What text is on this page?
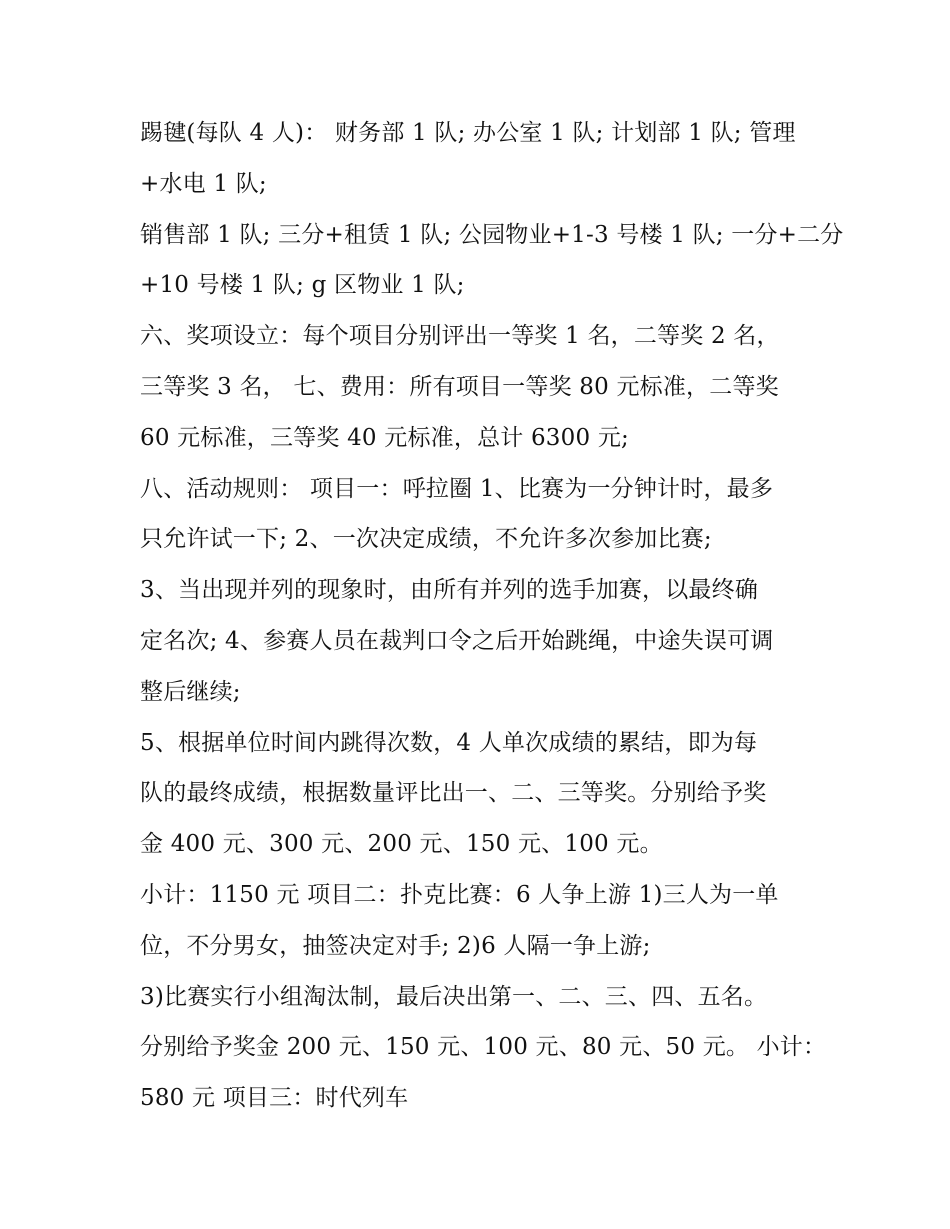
踢毽(每队 4 人)： 财务部 1 队; 办公室 1 队; 计划部 1 队; 管理
+水电 1 队;
销售部 1 队; 三分+租赁 1 队; 公园物业+1-3 号楼 1 队; 一分+二分
+10 号楼 1 队; g 区物业 1 队;
六、奖项设立：每个项目分别评出一等奖 1 名，二等奖 2 名，
三等奖 3 名， 七、费用：所有项目一等奖 80 元标准，二等奖
60 元标准，三等奖 40 元标准，总计 6300 元;
八、活动规则： 项目一：呼拉圈 1、比赛为一分钟计时，最多
只允许试一下; 2、一次决定成绩，不允许多次参加比赛;
3、当出现并列的现象时，由所有并列的选手加赛，以最终确
定名次; 4、参赛人员在裁判口令之后开始跳绳，中途失误可调
整后继续;
5、根据单位时间内跳得次数，4 人单次成绩的累结，即为每
队的最终成绩，根据数量评比出一、二、三等奖。分别给予奖
金 400 元、300 元、200 元、150 元、100 元。
小计：1150 元 项目二：扑克比赛：6 人争上游 1)三人为一单
位，不分男女，抽签决定对手; 2)6 人隔一争上游;
3)比赛实行小组淘汰制，最后决出第一、二、三、四、五名。
分别给予奖金 200 元、150 元、100 元、80 元、50 元。 小计：
580 元 项目三：时代列车
